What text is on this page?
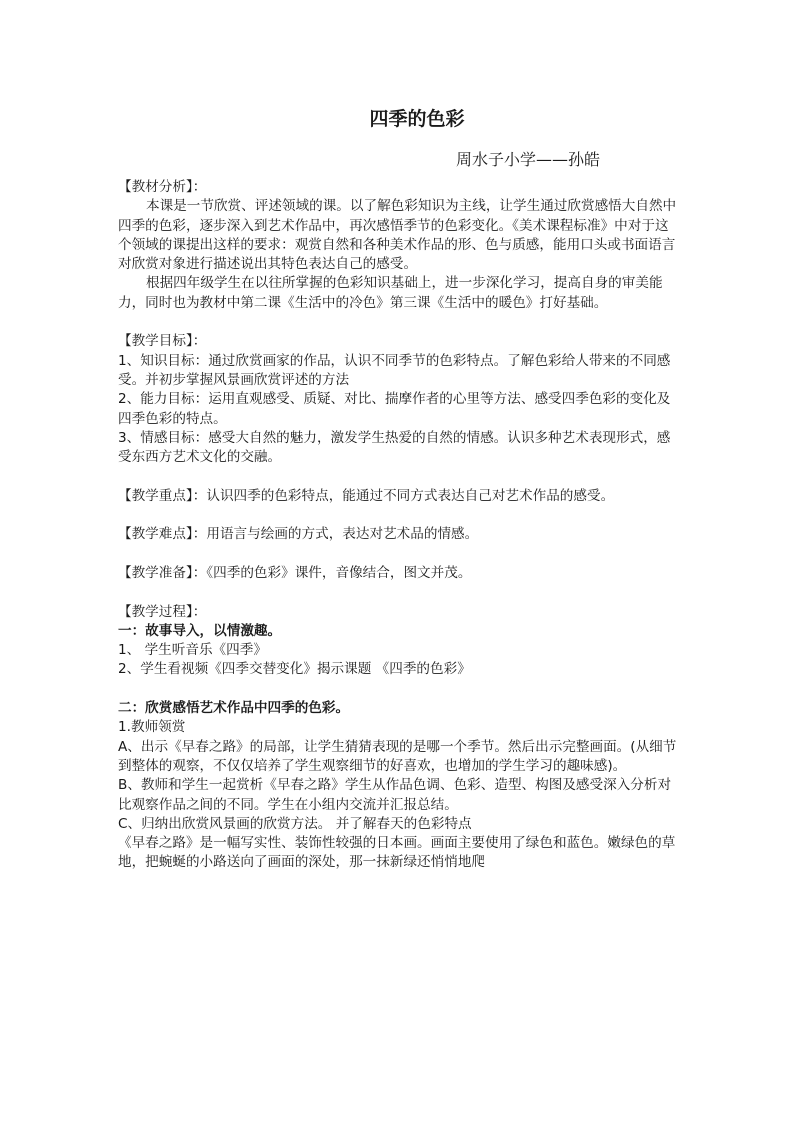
四季的色彩
周水子小学——孙皓

【教材分析】：

本课是一节欣赏、评述领域的课。以了解色彩知识为主线，让学生通过欣赏感悟大自然中四季的色彩，逐步深入到艺术作品中，再次感悟季节的色彩变化。《美术课程标准》中对于这个领域的课提出这样的要求：观赏自然和各种美术作品的形、色与质感，能用口头或书面语言对欣赏对象进行描述说出其特色表达自己的感受。

根据四年级学生在以往所掌握的色彩知识基础上，进一步深化学习，提高自身的审美能力，同时也为教材中第二课《生活中的冷色》第三课《生活中的暖色》打好基础。

【教学目标】：

1、知识目标：通过欣赏画家的作品，认识不同季节的色彩特点。了解色彩给人带来的不同感受。并初步掌握风景画欣赏评述的方法

2、能力目标：运用直观感受、质疑、对比、揣摩作者的心里等方法、感受四季色彩的变化及四季色彩的特点。

3、情感目标：感受大自然的魅力，激发学生热爱的自然的情感。认识多种艺术表现形式，感受东西方艺术文化的交融。

【教学重点】：认识四季的色彩特点，能通过不同方式表达自己对艺术作品的感受。

【教学难点】：用语言与绘画的方式，表达对艺术品的情感。

【教学准备】：《四季的色彩》课件，音像结合，图文并茂。

【教学过程】：

一：故事导入，以情激趣。

1、 学生听音乐《四季》

2、学生看视频《四季交替变化》揭示课题 《四季的色彩》

二：欣赏感悟艺术作品中四季的色彩。

1.教师领赏

A、出示《早春之路》的局部，让学生猜猜表现的是哪一个季节。然后出示完整画面。(从细节到整体的观察，不仅仅培养了学生观察细节的好喜欢，也增加的学生学习的趣味感)。

B、教师和学生一起赏析《早春之路》学生从作品色调、色彩、造型、构图及感受深入分析对比观察作品之间的不同。学生在小组内交流并汇报总结。

C、归纳出欣赏风景画的欣赏方法。 并了解春天的色彩特点

《早春之路》是一幅写实性、装饰性较强的日本画。画面主要使用了绿色和蓝色。嫩绿色的草地，把蜿蜒的小路送向了画面的深处，那一抹新绿还悄悄地爬
